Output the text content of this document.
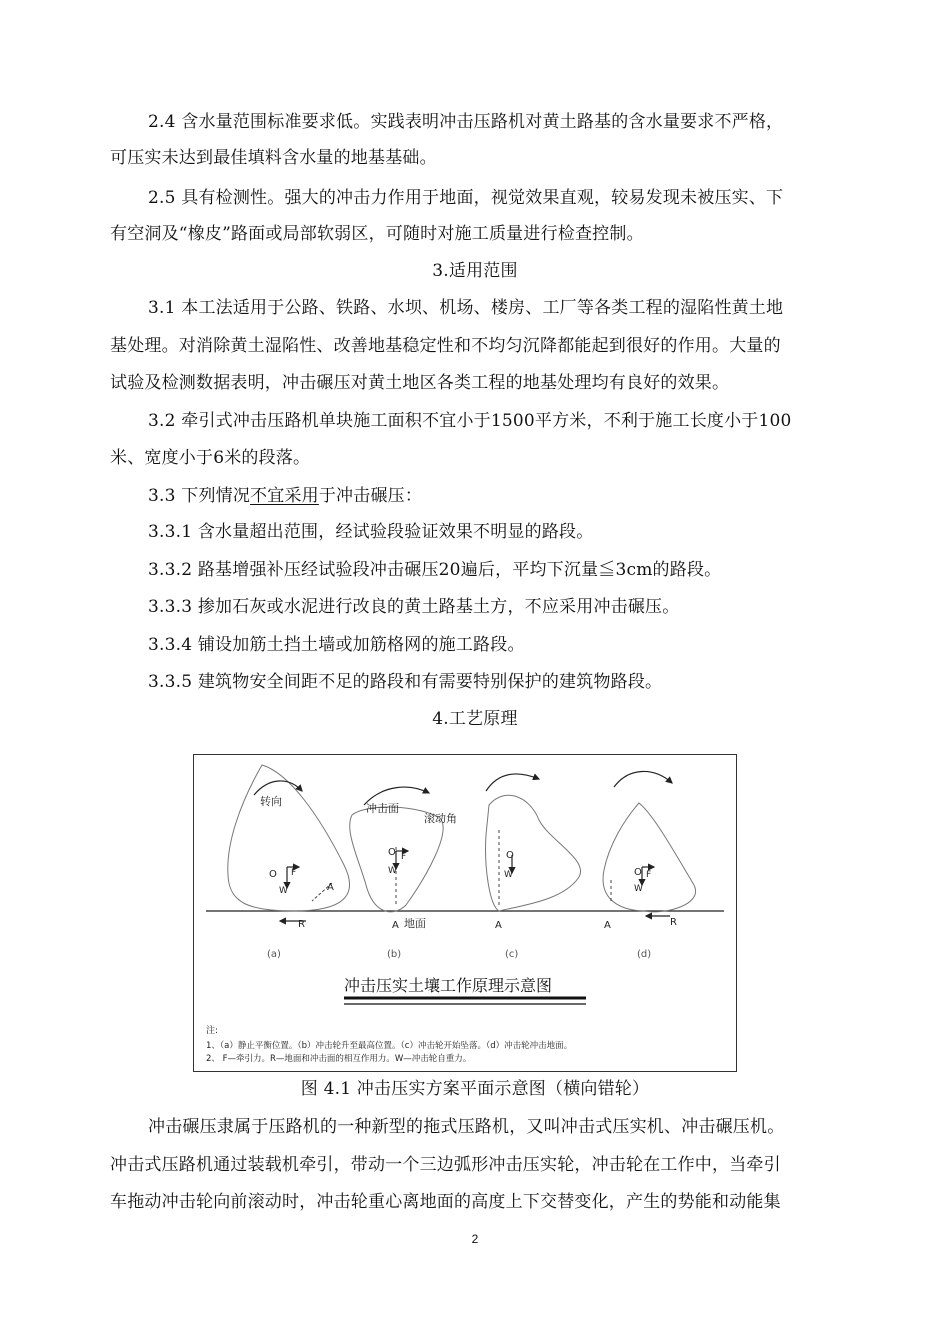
2.4 含水量范围标准要求低。实践表明冲击压路机对黄土路基的含水量要求不严格，
可压实未达到最佳填料含水量的地基基础。
2.5 具有检测性。强大的冲击力作用于地面，视觉效果直观，较易发现未被压实、下
有空洞及“橡皮”路面或局部软弱区，可随时对施工质量进行检查控制。
3.适用范围
3.1 本工法适用于公路、铁路、水坝、机场、楼房、工厂等各类工程的湿陷性黄土地
基处理。对消除黄土湿陷性、改善地基稳定性和不均匀沉降都能起到很好的作用。大量的
试验及检测数据表明，冲击碾压对黄土地区各类工程的地基处理均有良好的效果。
3.2 牵引式冲击压路机单块施工面积不宜小于1500平方米，不利于施工长度小于100
米、宽度小于6米的段落。
3.3 下列情况不宜采用于冲击碾压：
3.3.1 含水量超出范围，经试验段验证效果不明显的路段。
3.3.2 路基增强补压经试验段冲击碾压20遍后，平均下沉量≦3cm的路段。
3.3.3 掺加石灰或水泥进行改良的黄土路基土方，不应采用冲击碾压。
3.3.4 铺设加筋土挡土墙或加筋格网的施工路段。
3.3.5 建筑物安全间距不足的路段和有需要特别保护的建筑物路段。
4.工艺原理
转向
冲击面
滚动角
地面
O F
W	A
R
O F
W
A
O
W
A
O F
W
A	R
(a)	(b)	(c)	(d)
冲击压实土壤工作原理示意图
注:
1、（a）静止平衡位置。（b）冲击轮升至最高位置。（c）冲击轮开始坠落。（d）冲击轮冲击地面。
2、 F—牵引力。R—地面和冲击面的相互作用力。W—冲击轮自重力。
图 4.1 冲击压实方案平面示意图（横向错轮）
冲击碾压隶属于压路机的一种新型的拖式压路机，又叫冲击式压实机、冲击碾压机。
冲击式压路机通过装载机牵引，带动一个三边弧形冲击压实轮，冲击轮在工作中，当牵引
车拖动冲击轮向前滚动时，冲击轮重心离地面的高度上下交替变化，产生的势能和动能集
2
